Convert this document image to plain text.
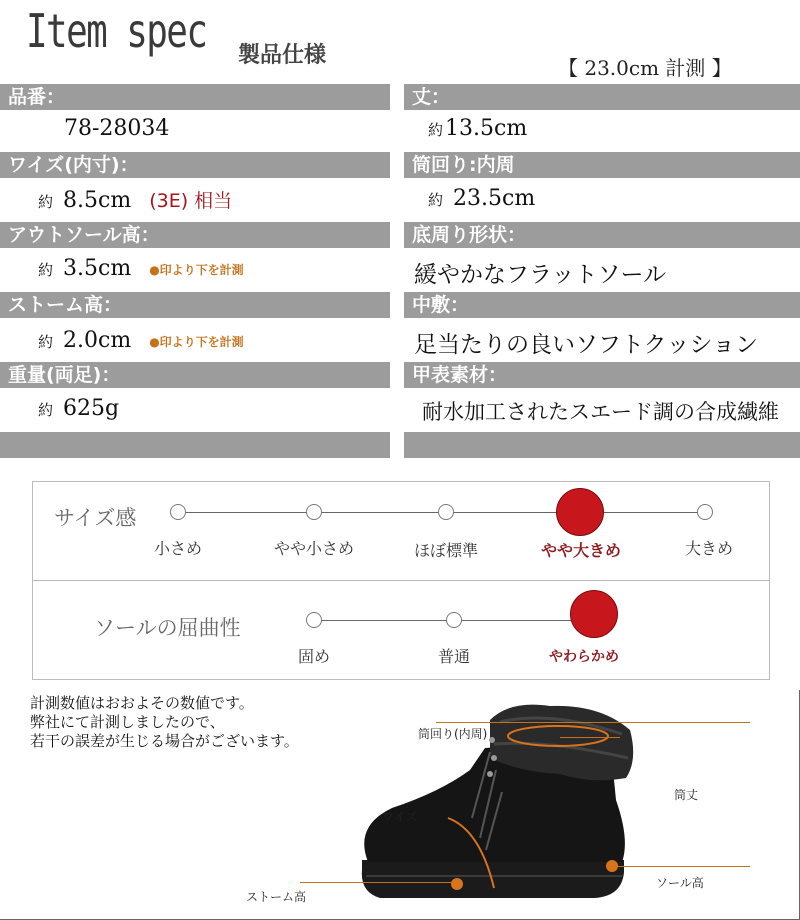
Item spec 製品仕様	【 23.0cm 計測 】
品番：
78-28034
ワイズ(内寸)：
約 8.5cm (3E) 相当
アウトソール高：
約 3.5cm ●印より下を計測
ストーム高：
約 2.0cm ●印より下を計測
重量(両足)：
約 625g
丈：
約13.5cm
筒回り:内周
約 23.5cm
底周り形状：
緩やかなフラットソール
中敷：
足当たりの良いソフトクッション
甲表素材：
耐水加工されたスエード調の合成繊維
サイズ感
小さめ	やや小さめ	ほぼ標準	やや大きめ	大きめ
ソールの屈曲性
固め	普通	やわらかめ
計測数値はおおよその数値です。
弊社にて計測しましたので、
若干の誤差が生じる場合がございます。	筒回り(内周)
筒丈
ワイズ
ソール高
ストーム高
